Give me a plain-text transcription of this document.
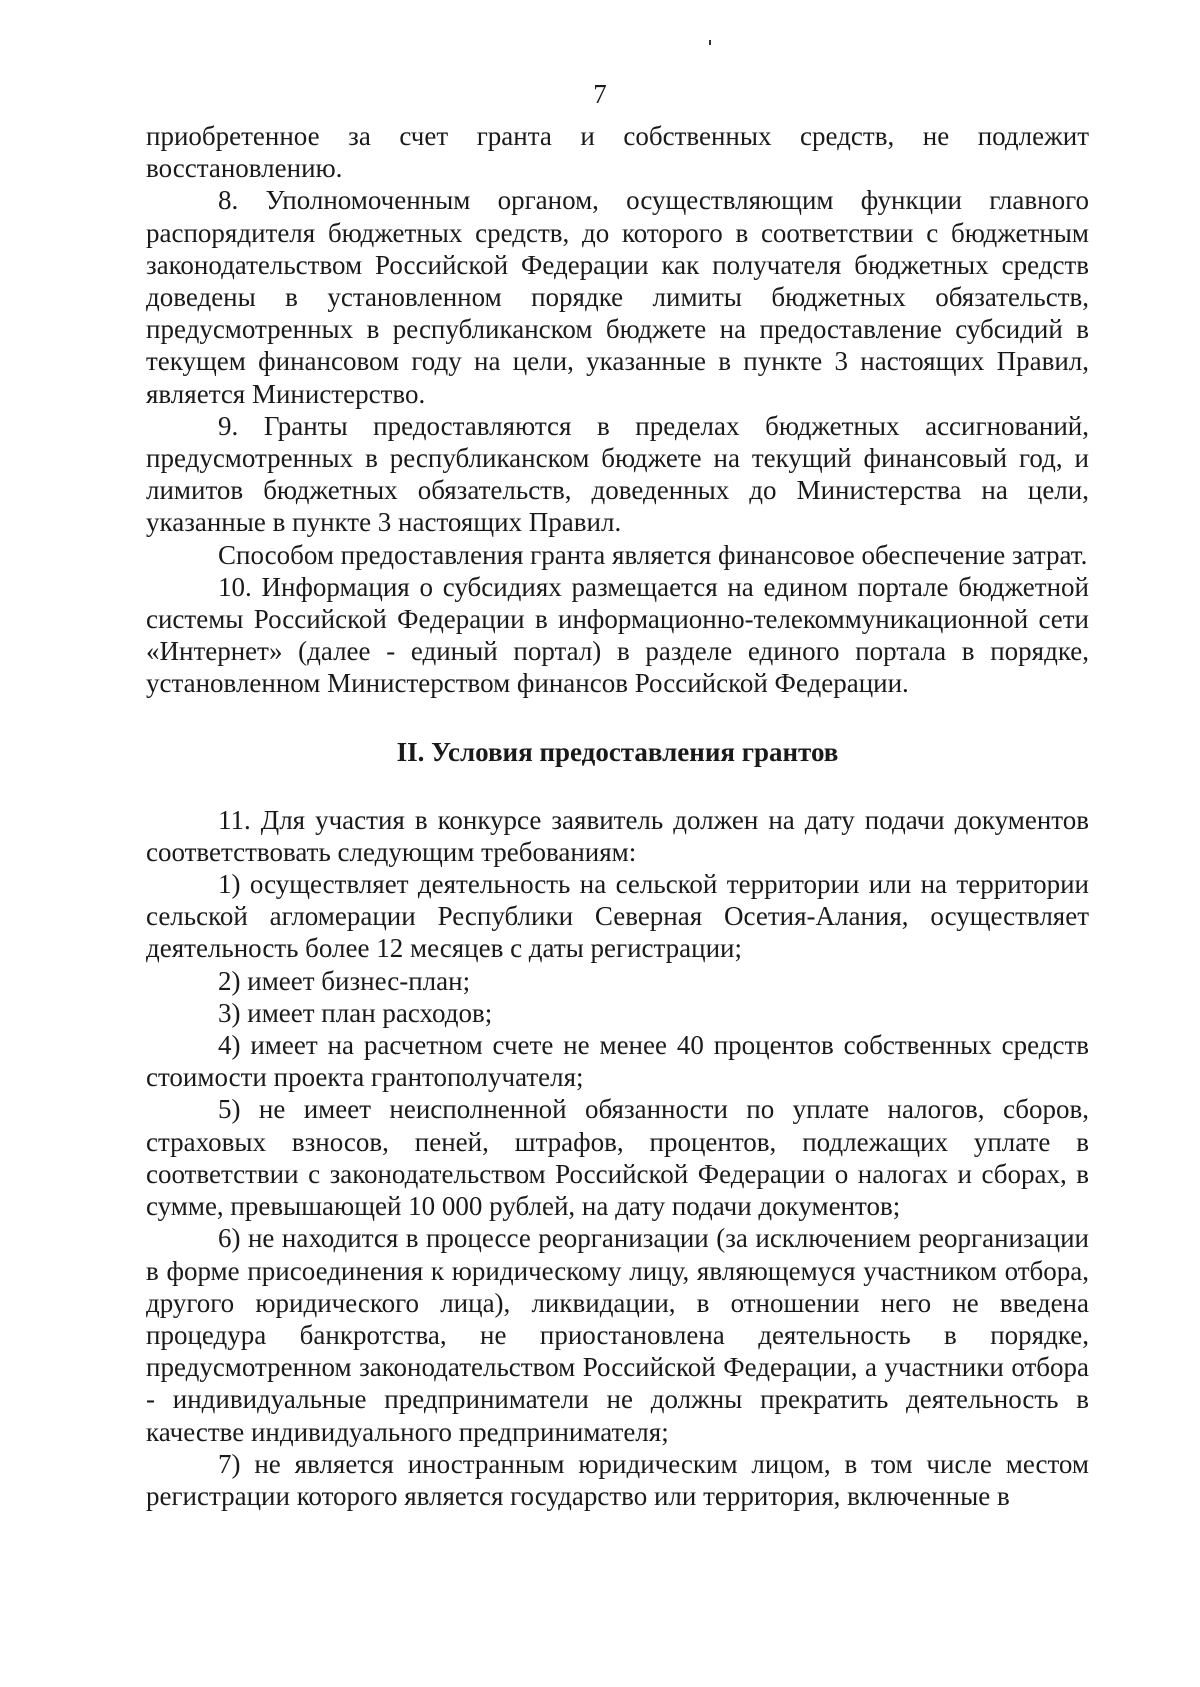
7

приобретенное за счет гранта и собственных средств, не подлежит восстановлению.

8. Уполномоченным органом, осуществляющим функции главного распорядителя бюджетных средств, до которого в соответствии с бюджетным законодательством Российской Федерации как получателя бюджетных средств доведены в установленном порядке лимиты бюджетных обязательств, предусмотренных в республиканском бюджете на предоставление субсидий в текущем финансовом году на цели, указанные в пункте 3 настоящих Правил, является Министерство.

9. Гранты предоставляются в пределах бюджетных ассигнований, предусмотренных в республиканском бюджете на текущий финансовый год, и лимитов бюджетных обязательств, доведенных до Министерства на цели, указанные в пункте 3 настоящих Правил.

Способом предоставления гранта является финансовое обеспечение затрат.

10. Информация о субсидиях размещается на едином портале бюджетной системы Российской Федерации в информационно-телекоммуникационной сети «Интернет» (далее - единый портал) в разделе единого портала в порядке, установленном Министерством финансов Российской Федерации.

II. Условия предоставления грантов

11. Для участия в конкурсе заявитель должен на дату подачи документов соответствовать следующим требованиям:

1) осуществляет деятельность на сельской территории или на территории сельской агломерации Республики Северная Осетия-Алания, осуществляет деятельность более 12 месяцев с даты регистрации;

2) имеет бизнес-план;

3) имеет план расходов;

4) имеет на расчетном счете не менее 40 процентов собственных средств стоимости проекта грантополучателя;

5) не имеет неисполненной обязанности по уплате налогов, сборов, страховых взносов, пеней, штрафов, процентов, подлежащих уплате в соответствии с законодательством Российской Федерации о налогах и сборах, в сумме, превышающей 10 000 рублей, на дату подачи документов;

6) не находится в процессе реорганизации (за исключением реорганизации в форме присоединения к юридическому лицу, являющемуся участником отбора, другого юридического лица), ликвидации, в отношении него не введена процедура банкротства, не приостановлена деятельность в порядке, предусмотренном законодательством Российской Федерации, а участники отбора - индивидуальные предприниматели не должны прекратить деятельность в качестве индивидуального предпринимателя;

7) не является иностранным юридическим лицом, в том числе местом регистрации которого является государство или территория, включенные в
